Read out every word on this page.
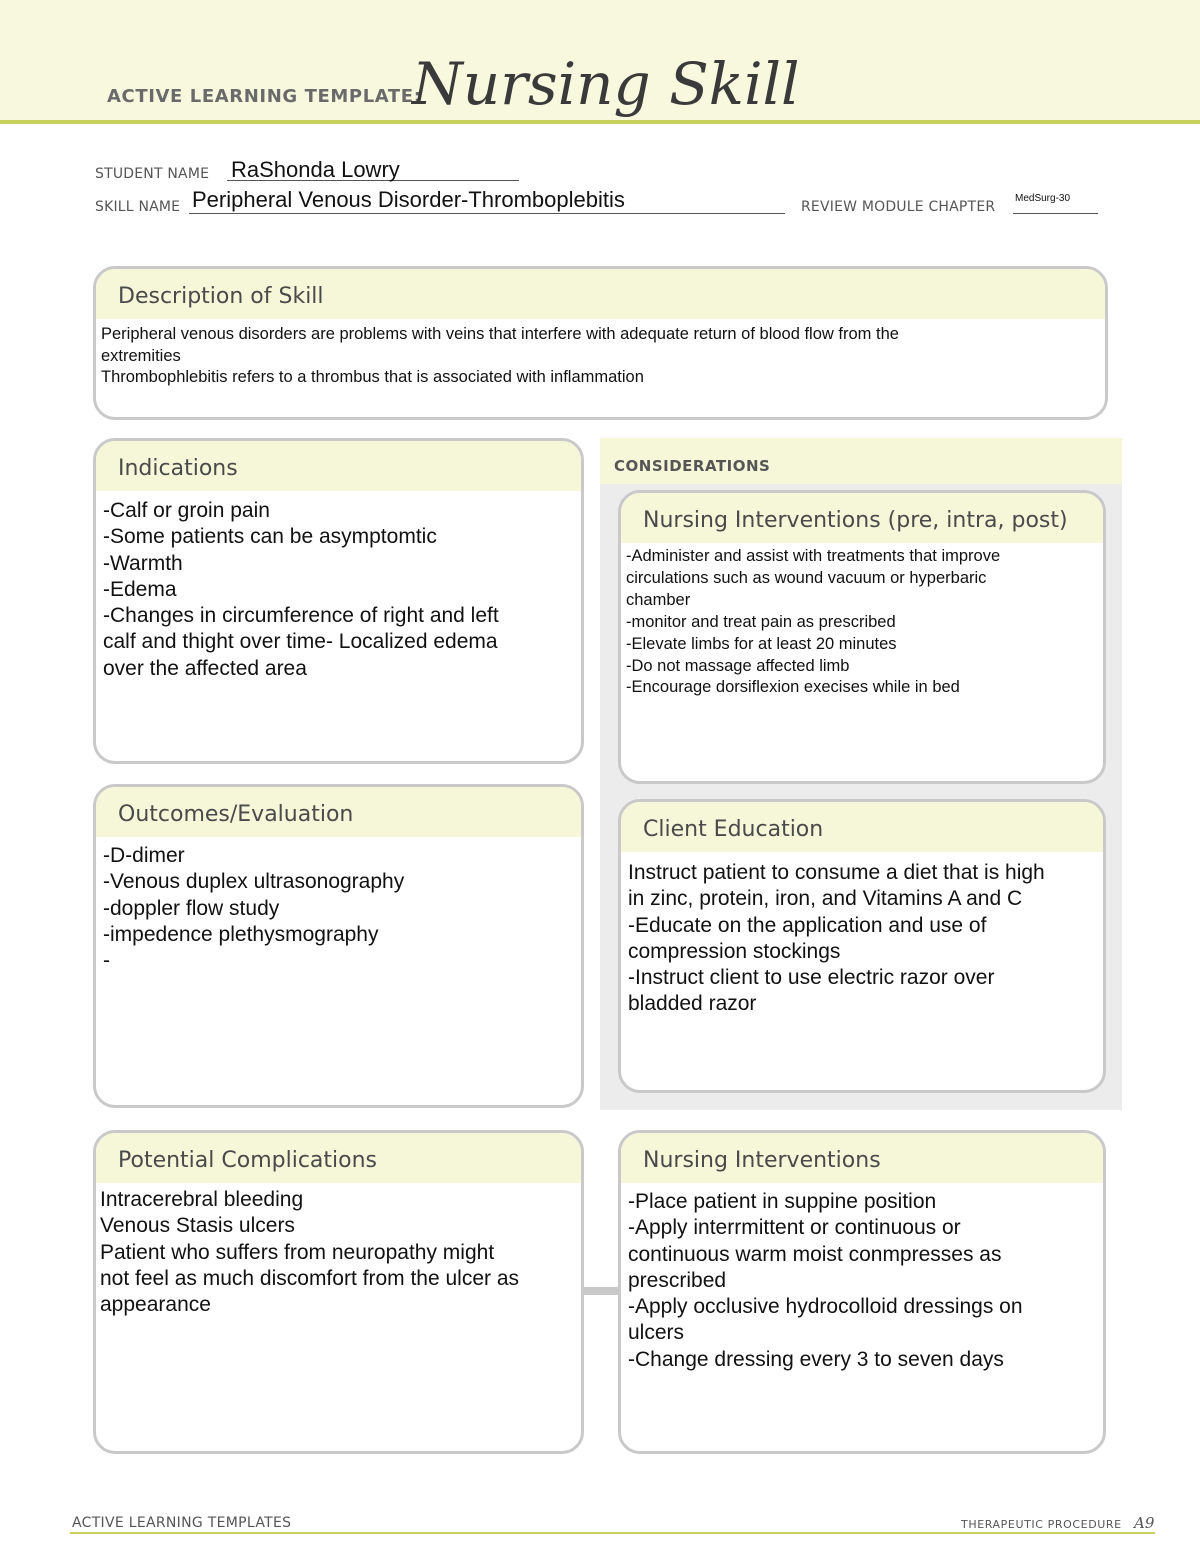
ACTIVE LEARNING TEMPLATE:
Nursing Skill
STUDENT NAME RaShonda Lowry
SKILL NAME Peripheral Venous Disorder-Thromboplebitis	REVIEW MODULE CHAPTER
MedSurg-30
Description of Skill
Peripheral venous disorders are problems with veins that interfere with adequate return of blood flow from the
extremities
Thrombophlebitis refers to a thrombus that is associated with inflammation
Indications
-Calf or groin pain
-Some patients can be asymptomtic
-Warmth
-Edema
-Changes in circumference of right and left
calf and thight over time- Localized edema
over the affected area
CONSIDERATIONS
Nursing Interventions (pre, intra, post)
-Administer and assist with treatments that improve
circulations such as wound vacuum or hyperbaric
chamber
-monitor and treat pain as prescribed
-Elevate limbs for at least 20 minutes
-Do not massage affected limb
-Encourage dorsiflexion execises while in bed
Outcomes/Evaluation
-D-dimer
-Venous duplex ultrasonography
-doppler flow study
-impedence plethysmography
-
Client Education
Instruct patient to consume a diet that is high
in zinc, protein, iron, and Vitamins A and C
-Educate on the application and use of
compression stockings
-Instruct client to use electric razor over
bladded razor
Potential Complications
Intracerebral bleeding
Venous Stasis ulcers
Patient who suffers from neuropathy might
not feel as much discomfort from the ulcer as
appearance
Nursing Interventions
-Place patient in suppine position
-Apply interrmittent or continuous or
continuous warm moist conmpresses as
prescribed
-Apply occlusive hydrocolloid dressings on
ulcers
-Change dressing every 3 to seven days
ACTIVE LEARNING TEMPLATES	THERAPEUTIC PROCEDURE A9
